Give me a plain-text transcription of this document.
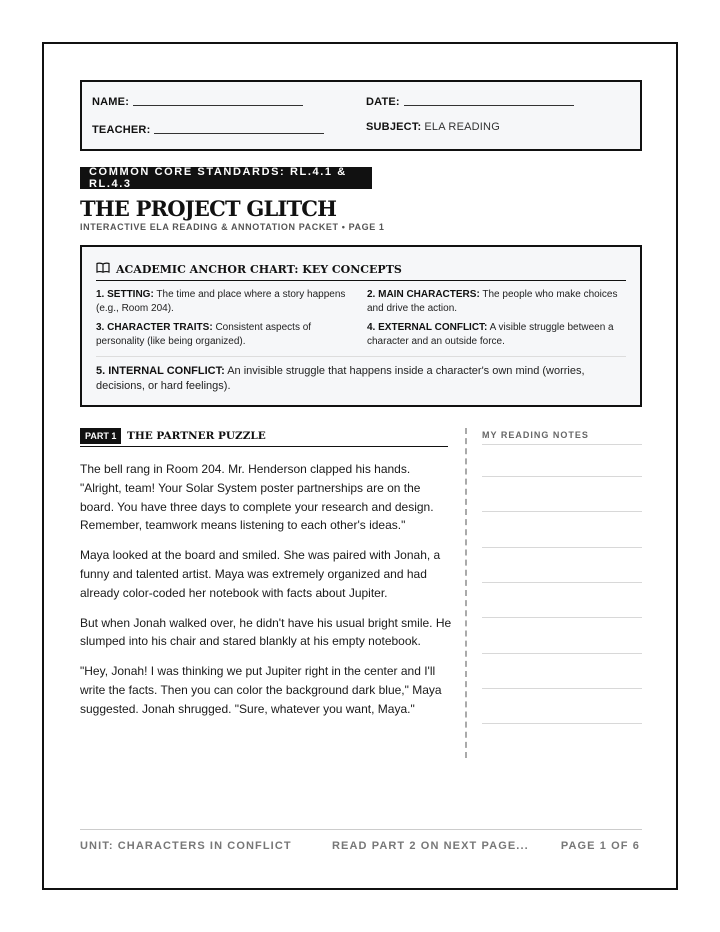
NAME:	DATE:
TEACHER:	SUBJECT: ELA READING
COMMON CORE STANDARDS: RL.4.1 & RL.4.3
THE PROJECT GLITCH
INTERACTIVE ELA READING & ANNOTATION PACKET • PAGE 1
ACADEMIC ANCHOR CHART: KEY CONCEPTS
1. SETTING: The time and place where a story happens (e.g., Room 204).
2. MAIN CHARACTERS: The people who make choices and drive the action.
3. CHARACTER TRAITS: Consistent aspects of personality (like being organized).
4. EXTERNAL CONFLICT: A visible struggle between a character and an outside force.
5. INTERNAL CONFLICT: An invisible struggle that happens inside a character's own mind (worries, decisions, or hard feelings).
PART 1	THE PARTNER PUZZLE

The bell rang in Room 204. Mr. Henderson clapped his hands. "Alright, team! Your Solar System poster partnerships are on the board. You have three days to complete your research and design. Remember, teamwork means listening to each other's ideas."

Maya looked at the board and smiled. She was paired with Jonah, a funny and talented artist. Maya was extremely organized and had already color-coded her notebook with facts about Jupiter.

But when Jonah walked over, he didn't have his usual bright smile. He slumped into his chair and stared blankly at his empty notebook.

"Hey, Jonah! I was thinking we put Jupiter right in the center and I'll write the facts. Then you can color the background dark blue," Maya suggested. Jonah shrugged. "Sure, whatever you want, Maya."

MY READING NOTES
UNIT: CHARACTERS IN CONFLICT	READ PART 2 ON NEXT PAGE...	PAGE 1 OF 6
